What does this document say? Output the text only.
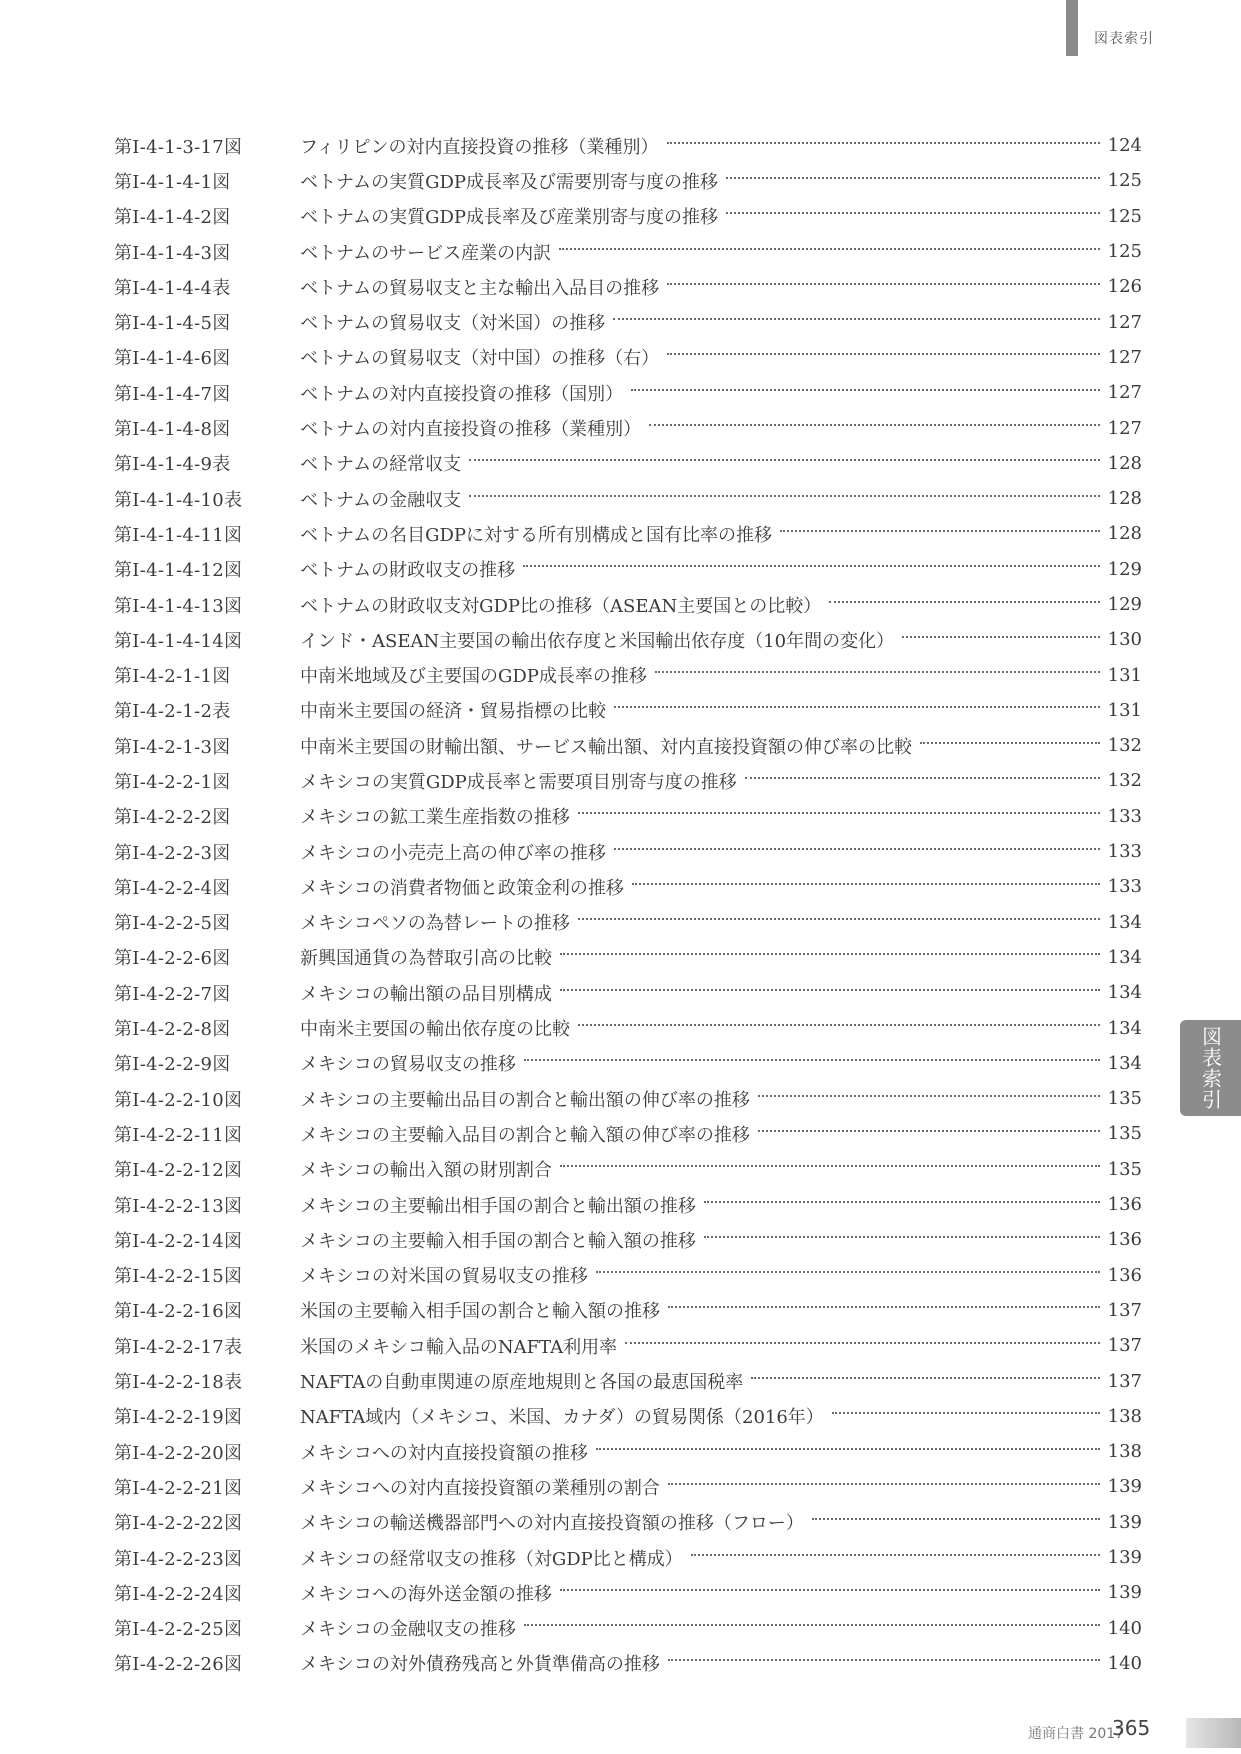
図表索引
図表索引
第Ⅰ-4-1-3-17図	フィリピンの対内直接投資の推移（業種別）	124
第Ⅰ-4-1-4-1図	ベトナムの実質GDP成長率及び需要別寄与度の推移	125
第Ⅰ-4-1-4-2図	ベトナムの実質GDP成長率及び産業別寄与度の推移	125
第Ⅰ-4-1-4-3図	ベトナムのサービス産業の内訳	125
第Ⅰ-4-1-4-4表	ベトナムの貿易収支と主な輸出入品目の推移	126
第Ⅰ-4-1-4-5図	ベトナムの貿易収支（対米国）の推移	127
第Ⅰ-4-1-4-6図	ベトナムの貿易収支（対中国）の推移（右）	127
第Ⅰ-4-1-4-7図	ベトナムの対内直接投資の推移（国別）	127
第Ⅰ-4-1-4-8図	ベトナムの対内直接投資の推移（業種別）	127
第Ⅰ-4-1-4-9表	ベトナムの経常収支	128
第Ⅰ-4-1-4-10表	ベトナムの金融収支	128
第Ⅰ-4-1-4-11図	ベトナムの名目GDPに対する所有別構成と国有比率の推移	128
第Ⅰ-4-1-4-12図	ベトナムの財政収支の推移	129
第Ⅰ-4-1-4-13図	ベトナムの財政収支対GDP比の推移（ASEAN主要国との比較）	129
第Ⅰ-4-1-4-14図	インド・ASEAN主要国の輸出依存度と米国輸出依存度（10年間の変化）	130
第Ⅰ-4-2-1-1図	中南米地域及び主要国のGDP成長率の推移	131
第Ⅰ-4-2-1-2表	中南米主要国の経済・貿易指標の比較	131
第Ⅰ-4-2-1-3図	中南米主要国の財輸出額、サービス輸出額、対内直接投資額の伸び率の比較	132
第Ⅰ-4-2-2-1図	メキシコの実質GDP成長率と需要項目別寄与度の推移	132
第Ⅰ-4-2-2-2図	メキシコの鉱工業生産指数の推移	133
第Ⅰ-4-2-2-3図	メキシコの小売売上高の伸び率の推移	133
第Ⅰ-4-2-2-4図	メキシコの消費者物価と政策金利の推移	133
第Ⅰ-4-2-2-5図	メキシコペソの為替レートの推移	134
第Ⅰ-4-2-2-6図	新興国通貨の為替取引高の比較	134
第Ⅰ-4-2-2-7図	メキシコの輸出額の品目別構成	134
第Ⅰ-4-2-2-8図	中南米主要国の輸出依存度の比較	134
第Ⅰ-4-2-2-9図	メキシコの貿易収支の推移	134
第Ⅰ-4-2-2-10図	メキシコの主要輸出品目の割合と輸出額の伸び率の推移	135
第Ⅰ-4-2-2-11図	メキシコの主要輸入品目の割合と輸入額の伸び率の推移	135
第Ⅰ-4-2-2-12図	メキシコの輸出入額の財別割合	135
第Ⅰ-4-2-2-13図	メキシコの主要輸出相手国の割合と輸出額の推移	136
第Ⅰ-4-2-2-14図	メキシコの主要輸入相手国の割合と輸入額の推移	136
第Ⅰ-4-2-2-15図	メキシコの対米国の貿易収支の推移	136
第Ⅰ-4-2-2-16図	米国の主要輸入相手国の割合と輸入額の推移	137
第Ⅰ-4-2-2-17表	米国のメキシコ輸入品のNAFTA利用率	137
第Ⅰ-4-2-2-18表	NAFTAの自動車関連の原産地規則と各国の最恵国税率	137
第Ⅰ-4-2-2-19図	NAFTA域内（メキシコ、米国、カナダ）の貿易関係（2016年）	138
第Ⅰ-4-2-2-20図	メキシコへの対内直接投資額の推移	138
第Ⅰ-4-2-2-21図	メキシコへの対内直接投資額の業種別の割合	139
第Ⅰ-4-2-2-22図	メキシコの輸送機器部門への対内直接投資額の推移（フロー）	139
第Ⅰ-4-2-2-23図	メキシコの経常収支の推移（対GDP比と構成）	139
第Ⅰ-4-2-2-24図	メキシコへの海外送金額の推移	139
第Ⅰ-4-2-2-25図	メキシコの金融収支の推移	140
第Ⅰ-4-2-2-26図	メキシコの対外債務残高と外貨準備高の推移	140
通商白書 2017
365
